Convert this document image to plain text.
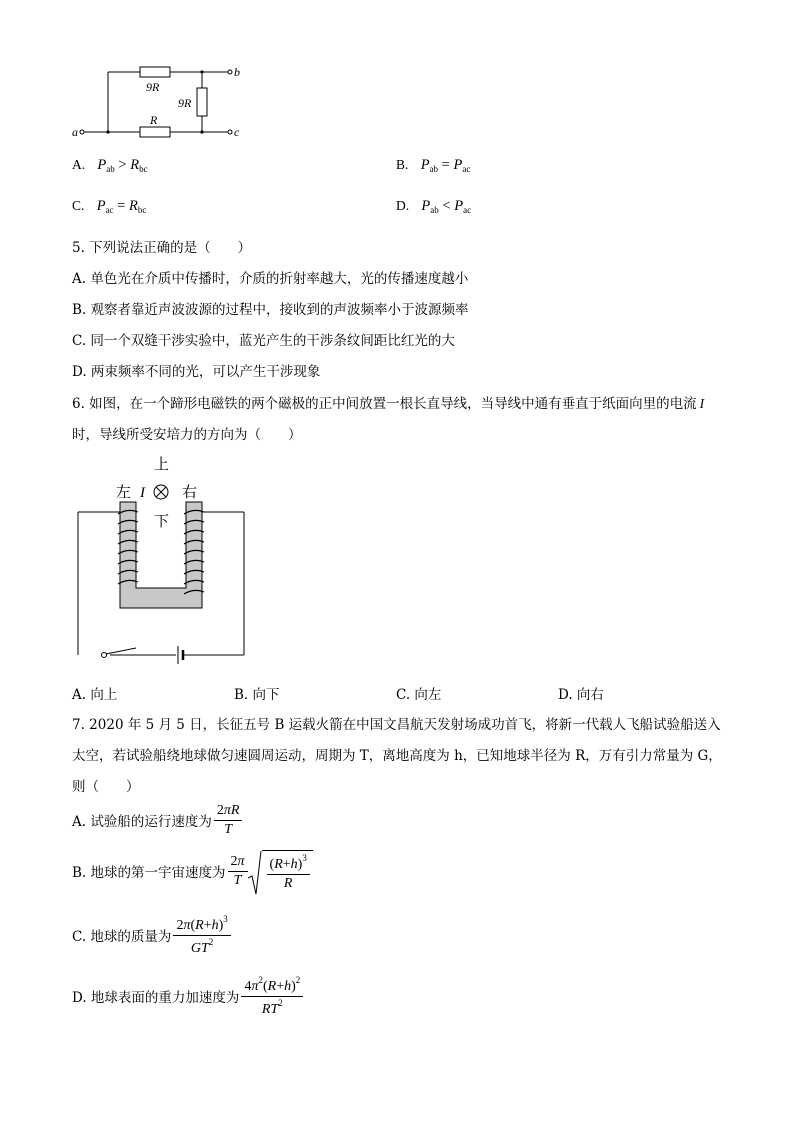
a
b
c
9R
9R
R
A. $P_{ab} > R_{bc}$	B. $P_{ab} = P_{ac}$
C. $P_{ac} = R_{bc}$	D. $P_{ab} < P_{ac}$
5. 下列说法正确的是（　　）
A. 单色光在介质中传播时，介质的折射率越大，光的传播速度越小
B. 观察者靠近声波波源的过程中，接收到的声波频率小于波源频率
C. 同一个双缝干涉实验中，蓝光产生的干涉条纹间距比红光的大
D. 两束频率不同的光，可以产生干涉现象
6. 如图，在一个蹄形电磁铁的两个磁极的正中间放置一根长直导线，当导线中通有垂直于纸面向里的电流 I
时，导线所受安培力的方向为（　　）
上
下
左	右
I
A. 向上	B. 向下	C. 向左	D. 向右
7. 2020 年 5 月 5 日，长征五号 B 运载火箭在中国文昌航天发射场成功首飞，将新一代载人飞船试验船送入
太空，若试验船绕地球做匀速圆周运动，周期为 T，离地高度为 h，已知地球半径为 R，万有引力常量为 G，
则（　　）
A. 试验船的运行速度为 $\frac{2\pi R}{T}$
B. 地球的第一宇宙速度为 $\frac{2\pi}{T} \frac{(R+h)^3}{R}$
C. 地球的质量为 $\frac{2\pi(R+h)^3}{GT^2}$
D. 地球表面的重力加速度为 $\frac{4\pi^2(R+h)^2}{RT^2}$
